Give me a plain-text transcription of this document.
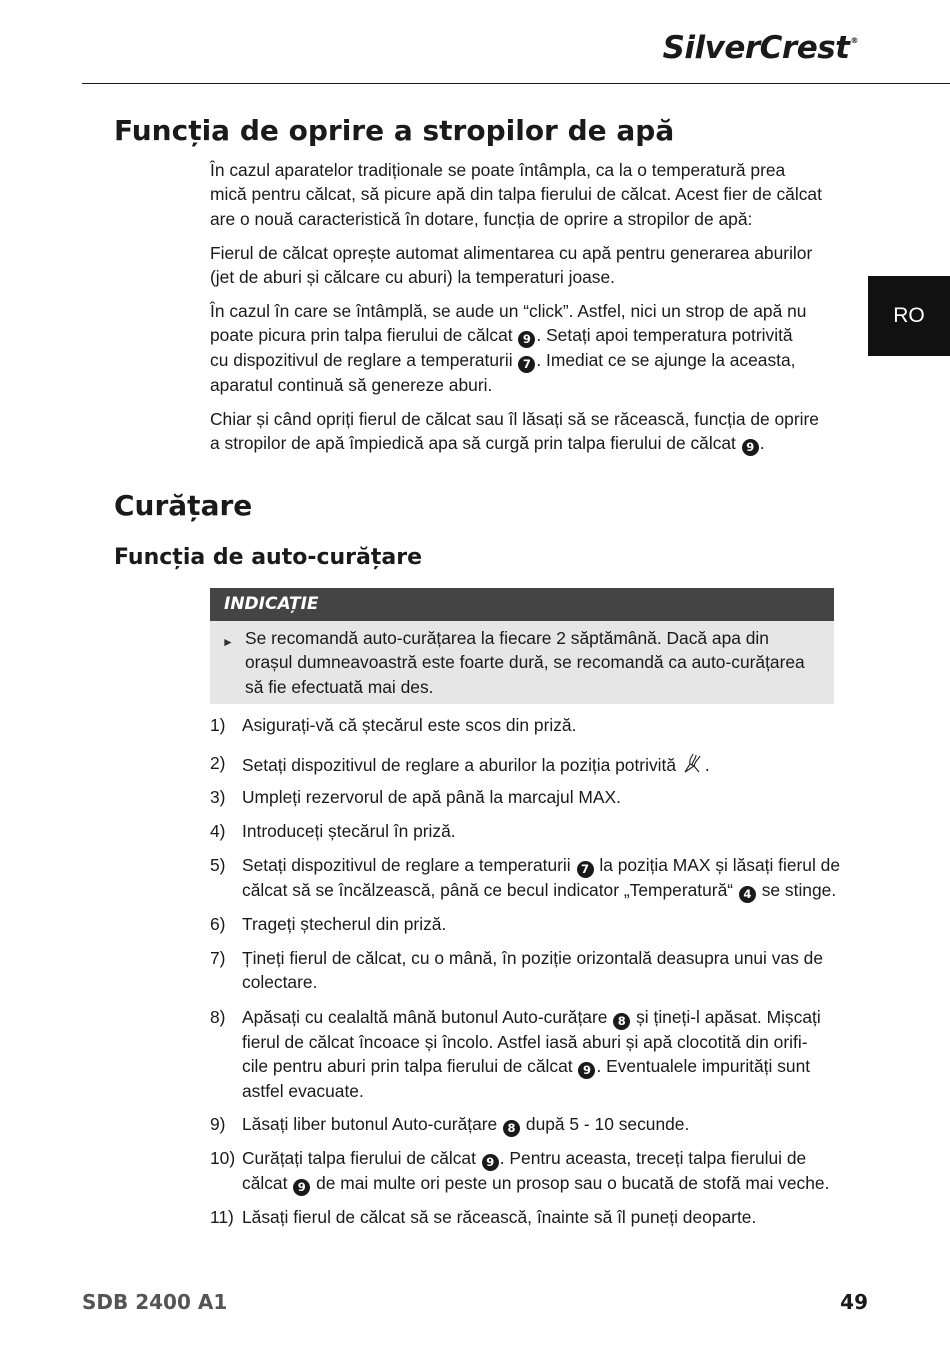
SilverCrest®
RO
Funcția de oprire a stropilor de apă
În cazul aparatelor tradiționale se poate întâmpla, ca la o temperatură prea
mică pentru călcat, să picure apă din talpa fierului de călcat. Acest fier de călcat
are o nouă caracteristică în dotare, funcția de oprire a stropilor de apă:
Fierul de călcat oprește automat alimentarea cu apă pentru generarea aburilor
(jet de aburi și călcare cu aburi) la temperaturi joase.
În cazul în care se întâmplă, se aude un “click”. Astfel, nici un strop de apă nu
poate picura prin talpa fierului de călcat 9 . Setați apoi temperatura potrivită
cu dispozitivul de reglare a temperaturii 7 . Imediat ce se ajunge la aceasta,
aparatul continuă să genereze aburi.
Chiar și când opriți fierul de călcat sau îl lăsați să se răcească, funcția de oprire
a stropilor de apă împiedică apa să curgă prin talpa fierului de călcat 9 .
Curățare
Funcția de auto-curățare
INDICAȚIE
► Se recomandă auto-curățarea la fiecare 2 săptămână. Dacă apa din
orașul dumneavoastră este foarte dură, se recomandă ca auto-curățarea
să fie efectuată mai des.
1) Asigurați-vă că ștecărul este scos din priză.
2) Setați dispozitivul de reglare a aburilor la poziția potrivită .
3) Umpleți rezervorul de apă până la marcajul MAX.
4) Introduceți ștecărul în priză.
5) Setați dispozitivul de reglare a temperaturii 7 la poziția MAX și lăsați fierul de
călcat să se încălzească, până ce becul indicator „Temperatură“ 4 se stinge.
6) Trageți ștecherul din priză.
7) Țineți fierul de călcat, cu o mână, în poziție orizontală deasupra unui vas de
colectare.
8) Apăsați cu cealaltă mână butonul Auto-curățare 8 și țineți-l apăsat. Mișcați
fierul de călcat încoace și încolo. Astfel iasă aburi și apă clocotită din orifi-
cile pentru aburi prin talpa fierului de călcat 9 . Eventualele impurități sunt
astfel evacuate.
9) Lăsați liber butonul Auto-curățare 8 după 5 - 10 secunde.
10) Curățați talpa fierului de călcat 9 . Pentru aceasta, treceți talpa fierului de
călcat 9 de mai multe ori peste un prosop sau o bucată de stofă mai veche.
11) Lăsați fierul de călcat să se răcească, înainte să îl puneți deoparte.
SDB 2400 A1	49
